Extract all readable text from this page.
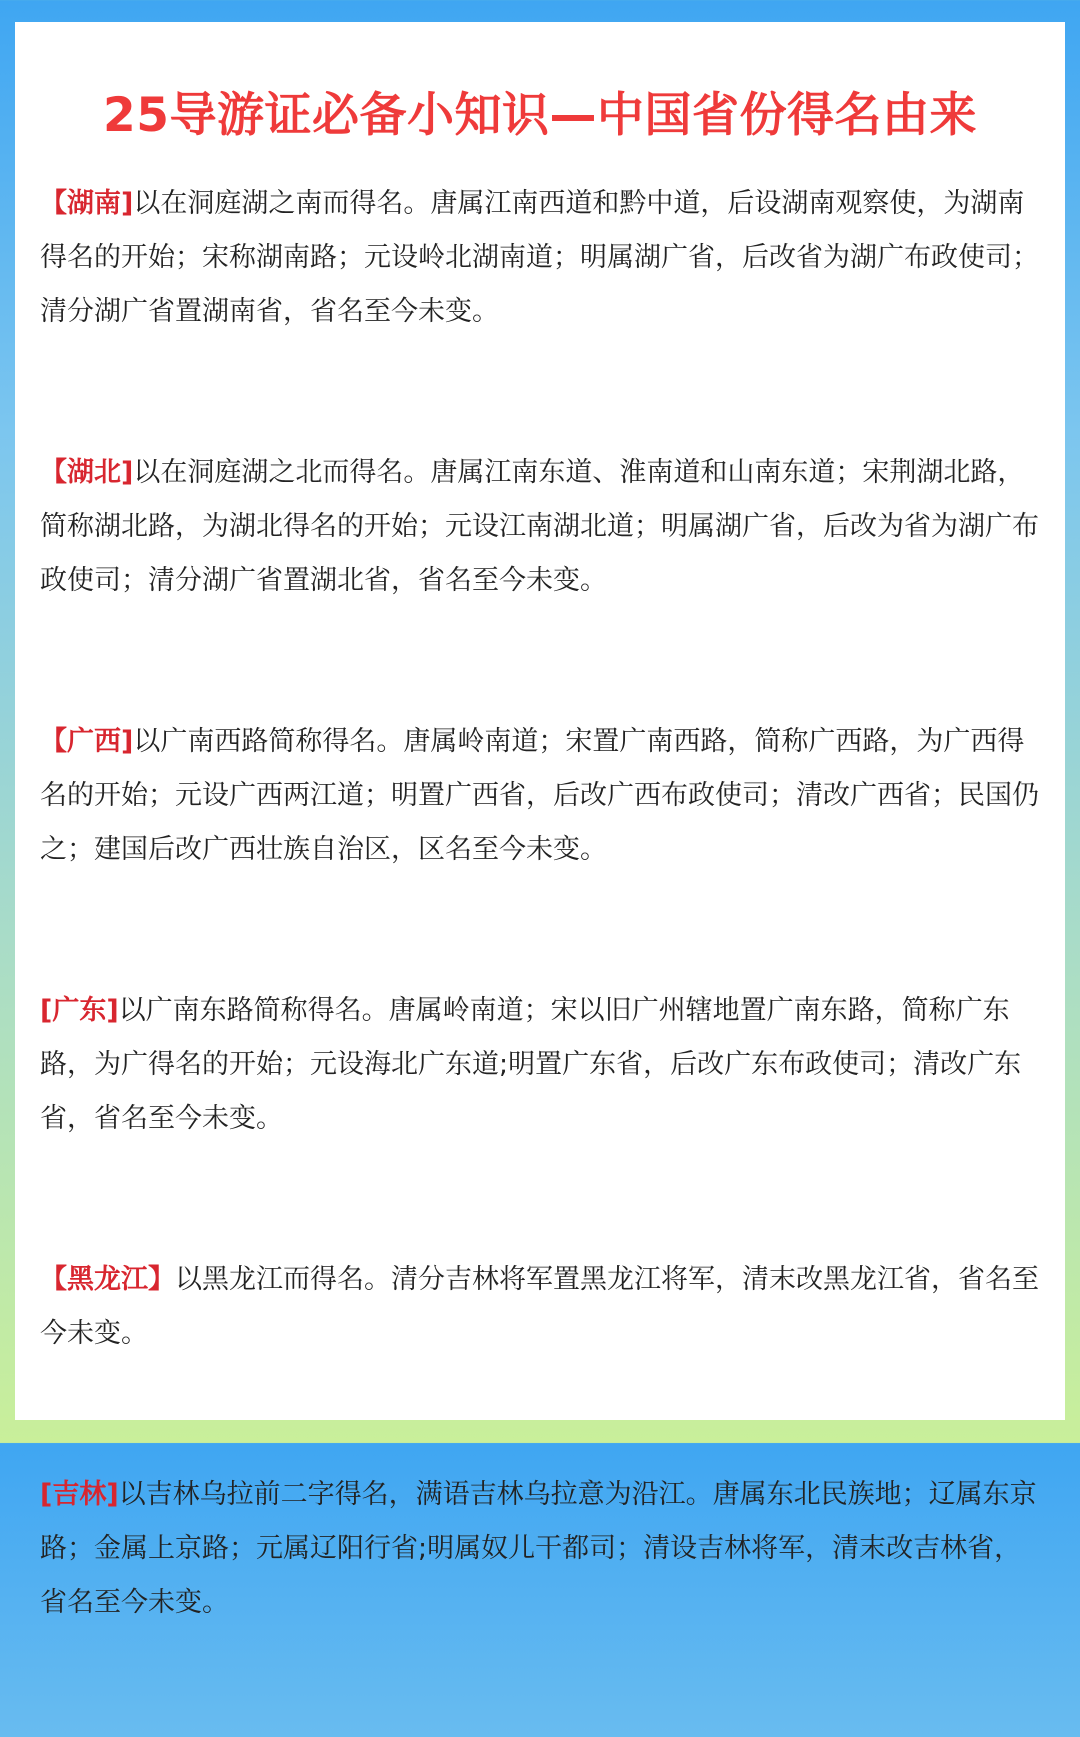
25导游证必备小知识—中国省份得名由来

【湖南]以在洞庭湖之南而得名。唐属江南西道和黔中道，后设湖南观察使，为湖南得名的开始；宋称湖南路；元设岭北湖南道；明属湖广省，后改省为湖广布政使司；清分湖广省置湖南省，省名至今未变。

【湖北]以在洞庭湖之北而得名。唐属江南东道、淮南道和山南东道；宋荆湖北路，简称湖北路，为湖北得名的开始；元设江南湖北道；明属湖广省，后改为省为湖广布政使司；清分湖广省置湖北省，省名至今未变。

【广西]以广南西路简称得名。唐属岭南道；宋置广南西路，简称广西路，为广西得名的开始；元设广西两江道；明置广西省，后改广西布政使司；清改广西省；民国仍之；建国后改广西壮族自治区，区名至今未变。

[广东]以广南东路简称得名。唐属岭南道；宋以旧广州辖地置广南东路，简称广东路，为广得名的开始；元设海北广东道;明置广东省，后改广东布政使司；清改广东省，省名至今未变。

【黑龙江】以黑龙江而得名。清分吉林将军置黑龙江将军，清末改黑龙江省，省名至今未变。

[吉林]以吉林乌拉前二字得名，满语吉林乌拉意为沿江。唐属东北民族地；辽属东京路；金属上京路；元属辽阳行省;明属奴儿干都司；清设吉林将军，清末改吉林省，省名至今未变。
